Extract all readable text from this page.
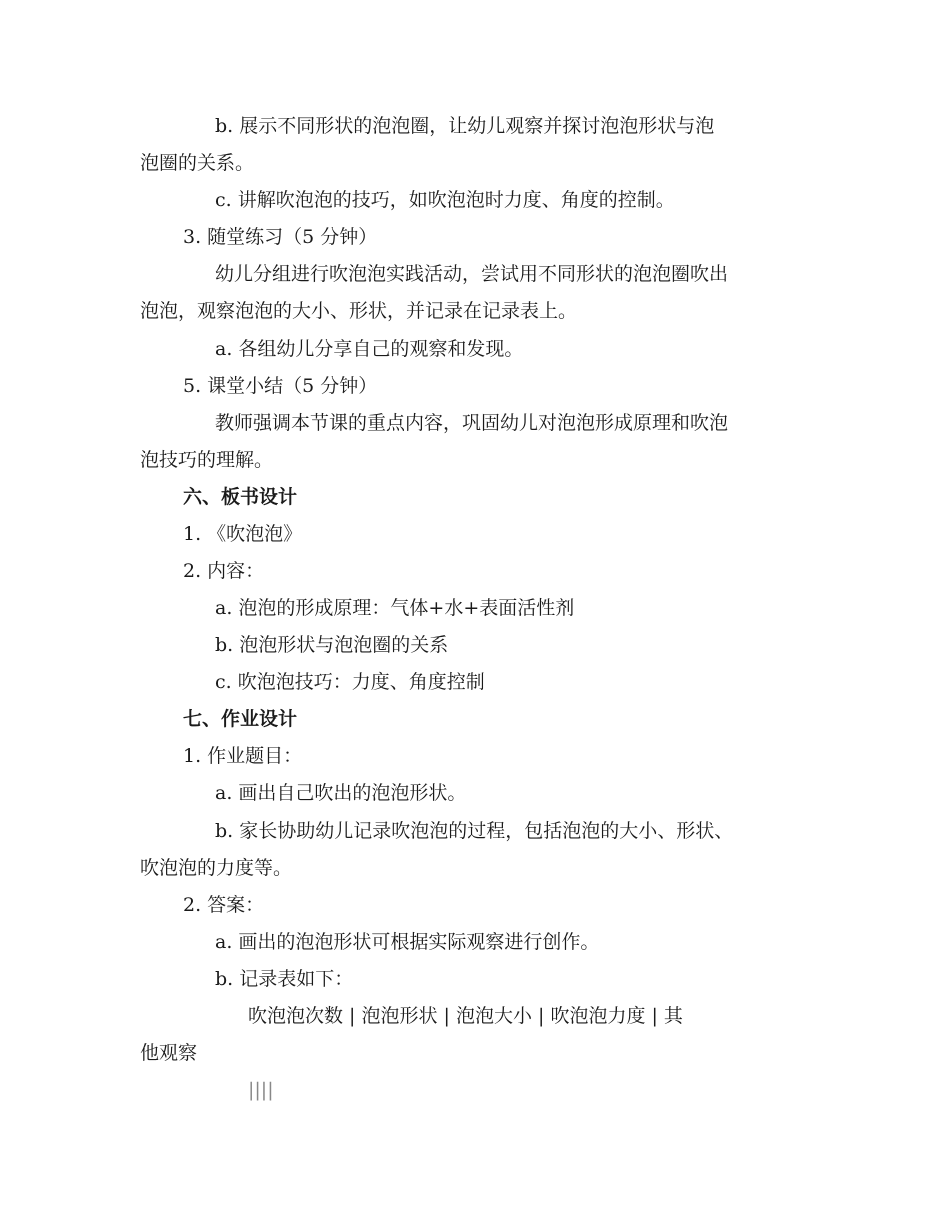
b. 展示不同形状的泡泡圈，让幼儿观察并探讨泡泡形状与泡
泡圈的关系。
c. 讲解吹泡泡的技巧，如吹泡泡时力度、角度的控制。
3. 随堂练习（5 分钟）
幼儿分组进行吹泡泡实践活动，尝试用不同形状的泡泡圈吹出
泡泡，观察泡泡的大小、形状，并记录在记录表上。
a. 各组幼儿分享自己的观察和发现。
5. 课堂小结（5 分钟）
教师强调本节课的重点内容，巩固幼儿对泡泡形成原理和吹泡
泡技巧的理解。
六、板书设计
1. 《吹泡泡》
2. 内容：
a. 泡泡的形成原理：气体+水+表面活性剂
b. 泡泡形状与泡泡圈的关系
c. 吹泡泡技巧：力度、角度控制
七、作业设计
1. 作业题目：
a. 画出自己吹出的泡泡形状。
b. 家长协助幼儿记录吹泡泡的过程，包括泡泡的大小、形状、
吹泡泡的力度等。
2. 答案：
a. 画出的泡泡形状可根据实际观察进行创作。
b. 记录表如下：
吹泡泡次数 | 泡泡形状 | 泡泡大小 | 吹泡泡力度 | 其
他观察
||||
